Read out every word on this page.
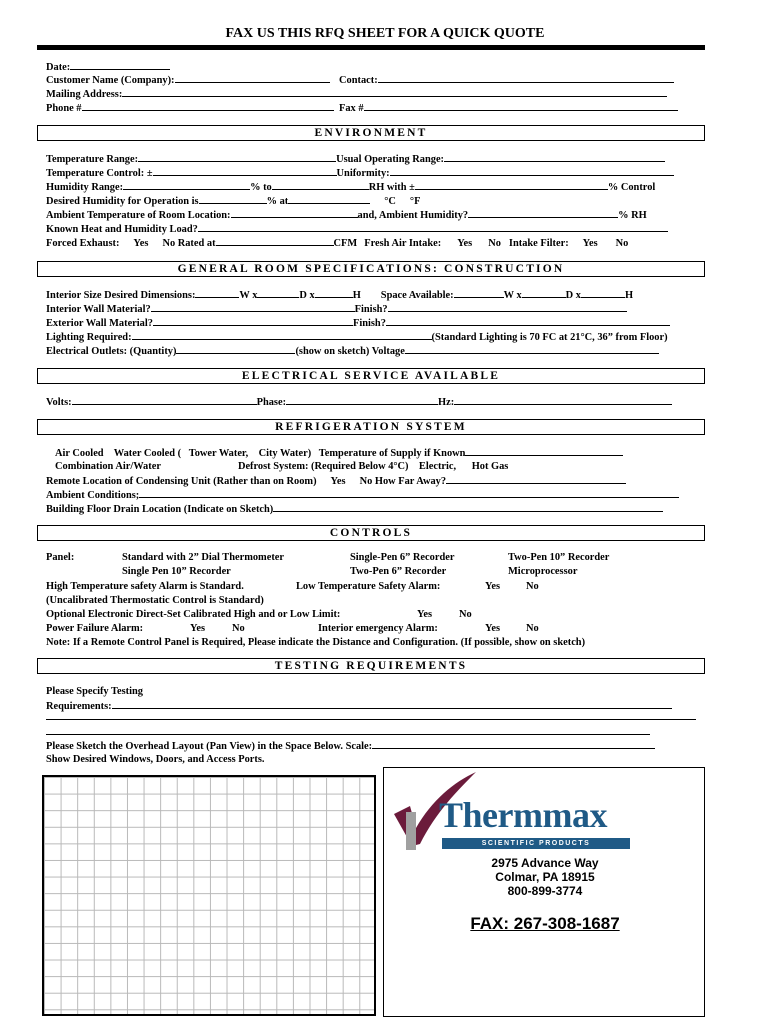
FAX US THIS RFQ SHEET FOR A QUICK QUOTE
Date:
Customer Name (Company):	Contact:
Mailing Address:
Phone #	Fax #
ENVIRONMENT
Temperature Range:	Usual Operating Range:
Temperature Control: ±	Uniformity:
Humidity Range:	% to	RH with ±	% Control
Desired Humidity for Operation is	% at	°C °F
Ambient Temperature of Room Location:	and, Ambient Humidity?	% RH
Known Heat and Humidity Load?
Forced Exhaust: Yes No Rated at	CFM Fresh Air Intake: Yes No Intake Filter: Yes No
GENERAL ROOM SPECIFICATIONS: CONSTRUCTION
Interior Size Desired Dimensions:	W x	D x	H Space Available:	W x	D x	H
Interior Wall Material?	Finish?
Exterior Wall Material?	Finish?
Lighting Required:	(Standard Lighting is 70 FC at 21°C, 36” from Floor)
Electrical Outlets: (Quantity)	(show on sketch) Voltage
ELECTRICAL SERVICE AVAILABLE
Volts:	Phase:	Hz:
REFRIGERATION SYSTEM
Air Cooled    Water Cooled (   Tower Water,    City Water)   Temperature of Supply if Known
Combination Air/Water	Defrost System: (Required Below 4°C)    Electric,      Hot Gas
Remote Location of Condensing Unit (Rather than on Room) Yes No How Far Away?
Ambient Conditions;
Building Floor Drain Location (Indicate on Sketch)
CONTROLS
Panel:	Standard with 2” Dial Thermometer	Single-Pen 6” Recorder	Two-Pen 10” Recorder
Single Pen 10” Recorder	Two-Pen 6” Recorder	Microprocessor
High Temperature safety Alarm is Standard.	Low Temperature Safety Alarm:	Yes No
(Uncalibrated Thermostatic Control is Standard)
Optional Electronic Direct-Set Calibrated High and or Low Limit:	Yes	No
Power Failure Alarm:	Yes	No	Interior emergency Alarm:	Yes No
Note: If a Remote Control Panel is Required, Please indicate the Distance and Configuration. (If possible, show on sketch)
TESTING REQUIREMENTS
Please Specify Testing
Requirements:
Please Sketch the Overhead Layout (Pan View) in the Space Below. Scale:
Show Desired Windows, Doors, and Access Ports.
Thermmax
SCIENTIFIC PRODUCTS
2975 Advance Way
Colmar, PA 18915
800-899-3774
FAX: 267-308-1687
